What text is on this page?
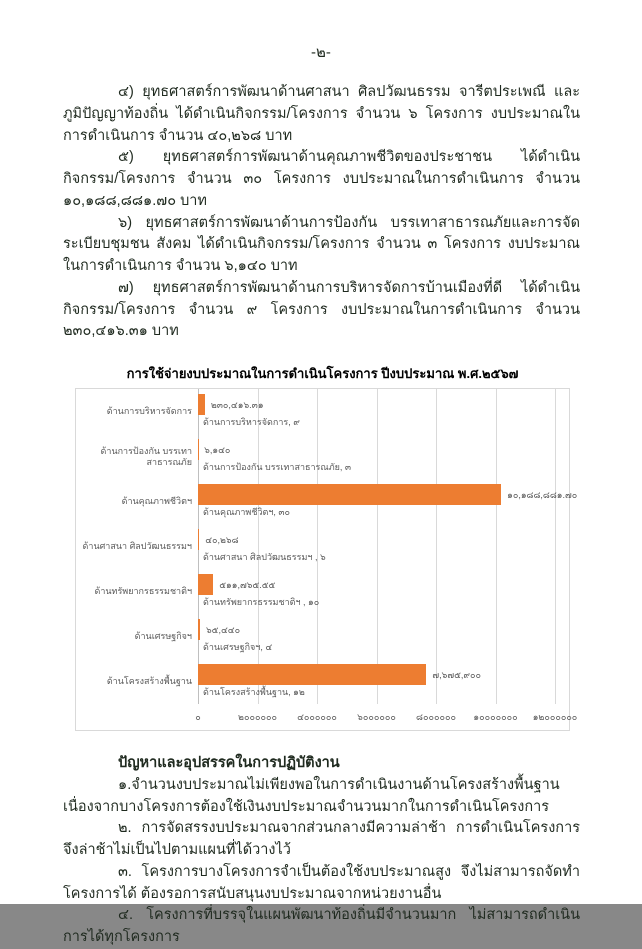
-๒-

๔) ยุทธศาสตร์การพัฒนาด้านศาสนา ศิลปวัฒนธรรม จารีตประเพณี และภูมิปัญญาท้องถิ่น ได้ดำเนินกิจกรรม/โครงการ จำนวน ๖ โครงการ งบประมาณในการดำเนินการ จำนวน ๔๐,๒๖๘ บาท

๕) ยุทธศาสตร์การพัฒนาด้านคุณภาพชีวิตของประชาชน ได้ดำเนินกิจกรรม/โครงการ จำนวน ๓๐ โครงการ งบประมาณในการดำเนินการ จำนวน ๑๐,๑๘๘,๘๘๑.๗๐ บาท

๖) ยุทธศาสตร์การพัฒนาด้านการป้องกัน บรรเทาสาธารณภัยและการจัดระเบียบชุมชน สังคม ได้ดำเนินกิจกรรม/โครงการ จำนวน ๓ โครงการ งบประมาณในการดำเนินการ จำนวน ๖,๑๔๐ บาท

๗) ยุทธศาสตร์การพัฒนาด้านการบริหารจัดการบ้านเมืองที่ดี ได้ดำเนินกิจกรรม/โครงการ จำนวน ๙ โครงการ งบประมาณในการดำเนินการ จำนวน ๒๓๐,๔๑๖.๓๑ บาท

การใช้จ่ายงบประมาณในการดำเนินโครงการ ปีงบประมาณ พ.ศ.๒๕๖๗
ด้านการบริหารจัดการ
ด้านการป้องกัน บรรเทาสาธารณภัย
ด้านคุณภาพชีวิตฯ
ด้านศาสนา ศิลปวัฒนธรรมฯ
ด้านทรัพยากรธรรมชาติฯ
ด้านเศรษฐกิจฯ
ด้านโครงสร้างพื้นฐาน
๒๓๐,๔๑๖.๓๑
ด้านการบริหารจัดการ, ๙
๖,๑๔๐
ด้านการป้องกัน บรรเทาสาธารณภัย, ๓
๑๐,๑๘๘,๘๘๑.๗๐
ด้านคุณภาพชีวิตฯ, ๓๐
๔๐,๒๖๘
ด้านศาสนา ศิลปวัฒนธรรมฯ , ๖
๕๑๑,๗๖๕.๕๕
ด้านทรัพยากรธรรมชาติฯ , ๑๐
๖๕,๔๔๐
ด้านเศรษฐกิจฯ, ๔
๗,๖๗๕,๙๐๐
ด้านโครงสร้างพื้นฐาน, ๑๒
๐	๒๐๐๐๐๐๐ ๔๐๐๐๐๐๐ ๖๐๐๐๐๐๐ ๘๐๐๐๐๐๐ ๑๐๐๐๐๐๐๐ ๑๒๐๐๐๐๐๐

ปัญหาและอุปสรรคในการปฏิบัติงาน

๑.จำนวนงบประมาณไม่เพียงพอในการดำเนินงานด้านโครงสร้างพื้นฐาน เนื่องจากบางโครงการต้องใช้เงินงบประมาณจำนวนมากในการดำเนินโครงการ

๒. การจัดสรรงบประมาณจากส่วนกลางมีความล่าช้า การดำเนินโครงการจึงล่าช้าไม่เป็นไปตามแผนที่ได้วางไว้

๓. โครงการบางโครงการจำเป็นต้องใช้งบประมาณสูง จึงไม่สามารถจัดทำโครงการได้ ต้องรอการสนับสนุนงบประมาณจากหน่วยงานอื่น

๔. โครงการที่บรรจุในแผนพัฒนาท้องถิ่นมีจำนวนมาก ไม่สามารถดำเนินการได้ทุกโครงการ
